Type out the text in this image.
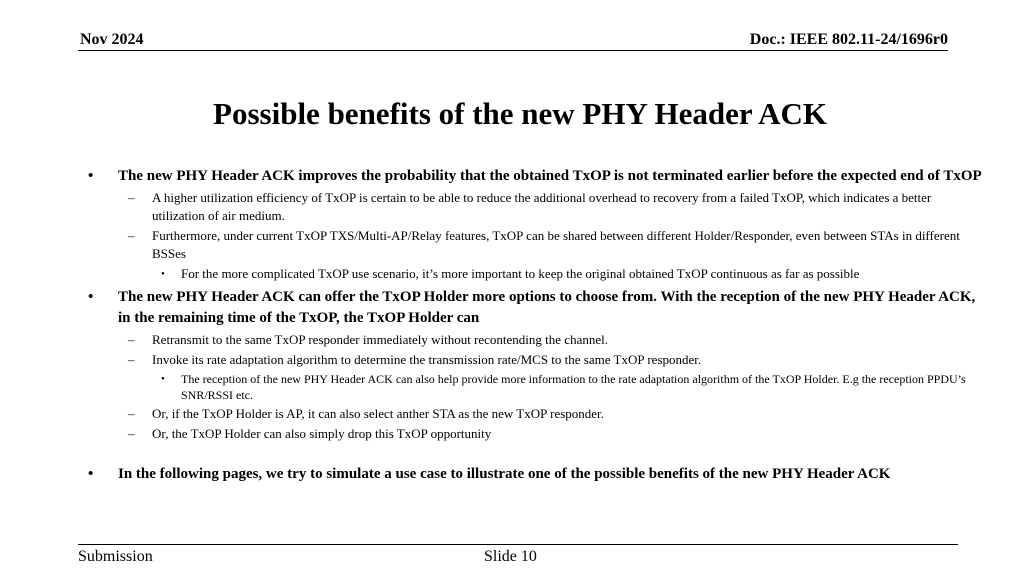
Nov 2024	Doc.: IEEE 802.11-24/1696r0
Possible benefits of the new PHY Header ACK
• The new PHY Header ACK improves the probability that the obtained TxOP is not terminated earlier before the expected end of TxOP
– A higher utilization efficiency of TxOP is certain to be able to reduce the additional overhead to recovery from a failed TxOP, which indicates a better utilization of air medium.
– Furthermore, under current TxOP TXS/Multi-AP/Relay features, TxOP can be shared between different Holder/Responder, even between STAs in different BSSes
• For the more complicated TxOP use scenario, it’s more important to keep the original obtained TxOP continuous as far as possible
• The new PHY Header ACK can offer the TxOP Holder more options to choose from. With the reception of the new PHY Header ACK, in the remaining time of the TxOP, the TxOP Holder can
– Retransmit to the same TxOP responder immediately without recontending the channel.
– Invoke its rate adaptation algorithm to determine the transmission rate/MCS to the same TxOP responder.
• The reception of the new PHY Header ACK can also help provide more information to the rate adaptation algorithm of the TxOP Holder. E.g the reception PPDU’s SNR/RSSI etc.
– Or, if the TxOP Holder is AP, it can also select anther STA as the new TxOP responder.
– Or, the TxOP Holder can also simply drop this TxOP opportunity
• In the following pages, we try to simulate a use case to illustrate one of the possible benefits of the new PHY Header ACK
Submission	Slide 10
